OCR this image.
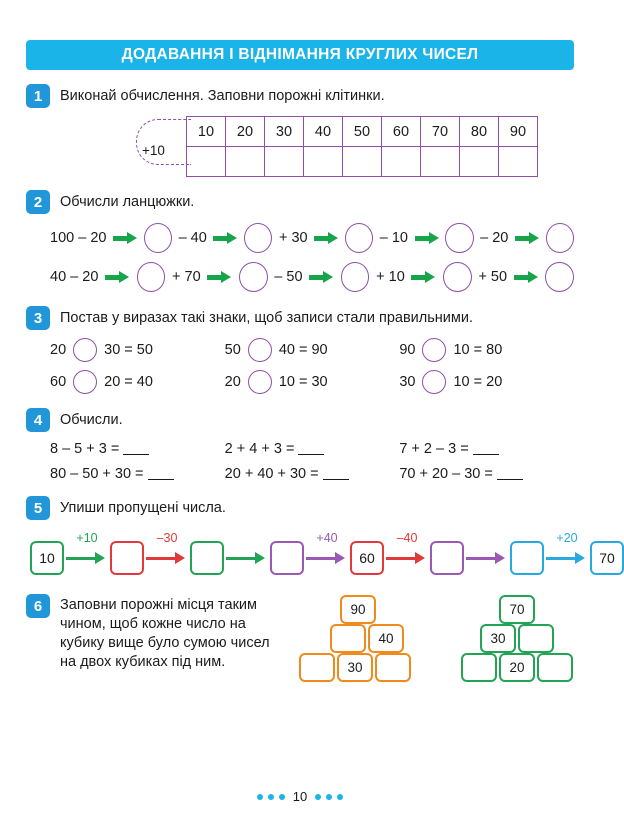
ДОДАВАННЯ І ВІДНІМАННЯ КРУГЛИХ ЧИСЕЛ
1	Виконай обчислення. Заповни порожні клітинки.
+10
10	20	30	40	50	60	70	80	90

2	Обчисли ланцюжки.
100 – 20	– 40	+ 30	– 10	– 20
40 – 20	+ 70	– 50	+ 10	+ 50
3	Постав у виразах такі знаки, щоб записи стали правильними.
20	30 = 50	50	40 = 90	90	10 = 80
60	20 = 40	20	10 = 30	30	10 = 20
4	Обчисли.
8 – 5 + 3 =	2 + 4 + 3 =	7 + 2 – 3 =
80 – 50 + 30 =	20 + 40 + 30 =	70 + 20 – 30 =
5	Упиши пропущені числа.
10
+10	–30	+40
60
–40	+20
70
6	Заповни порожні місця таким чином, щоб кожне число на кубику вище було сумою чисел на двох кубиках під ним.
90
40
30
70
30
20
10
